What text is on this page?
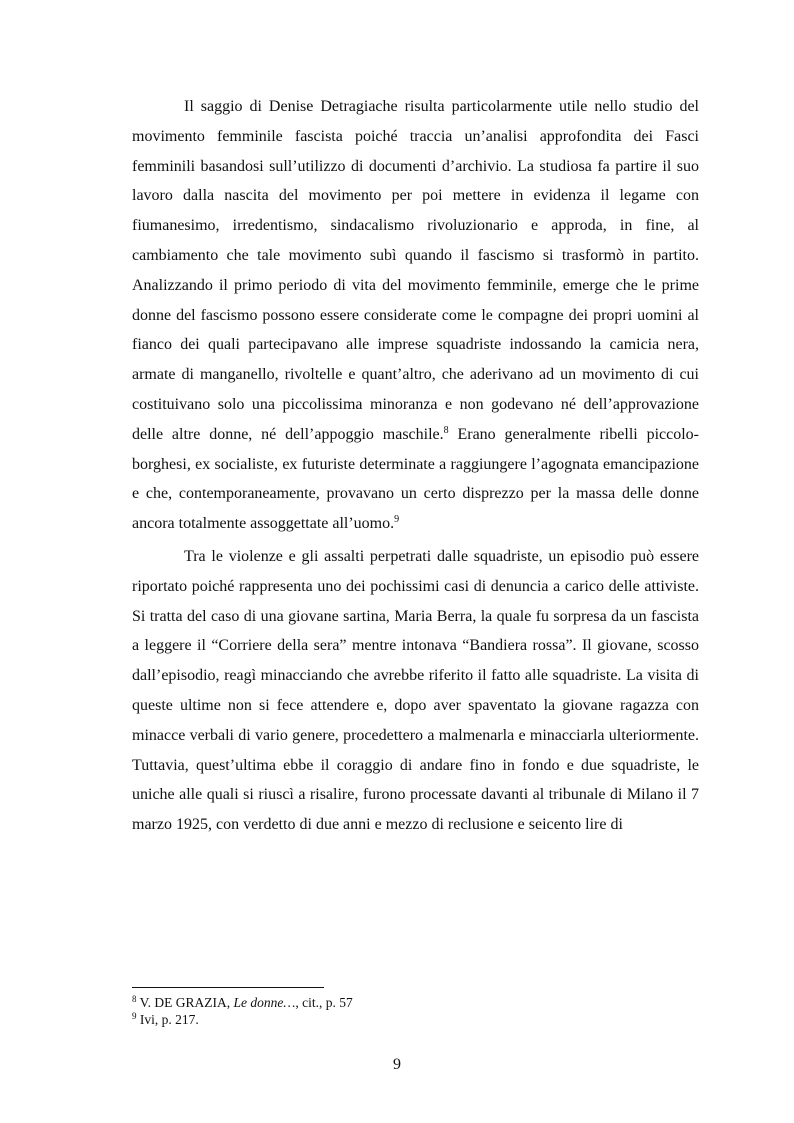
Il saggio di Denise Detragiache risulta particolarmente utile nello studio del movimento femminile fascista poiché traccia un’analisi approfondita dei Fasci femminili basandosi sull’utilizzo di documenti d’archivio. La studiosa fa partire il suo lavoro dalla nascita del movimento per poi mettere in evidenza il legame con fiumanesimo, irredentismo, sindacalismo rivoluzionario e approda, in fine, al cambiamento che tale movimento subì quando il fascismo si trasformò in partito. Analizzando il primo periodo di vita del movimento femminile, emerge che le prime donne del fascismo possono essere considerate come le compagne dei propri uomini al fianco dei quali partecipavano alle imprese squadriste indossando la camicia nera, armate di manganello, rivoltelle e quant’altro, che aderivano ad un movimento di cui costituivano solo una piccolissima minoranza e non godevano né dell’approvazione delle altre donne, né dell’appoggio maschile.$^8$ Erano generalmente ribelli piccolo-borghesi, ex socialiste, ex futuriste determinate a raggiungere l’agognata emancipazione e che, contemporaneamente, provavano un certo disprezzo per la massa delle donne ancora totalmente assoggettate all’uomo.$^9$

Tra le violenze e gli assalti perpetrati dalle squadriste, un episodio può essere riportato poiché rappresenta uno dei pochissimi casi di denuncia a carico delle attiviste. Si tratta del caso di una giovane sartina, Maria Berra, la quale fu sorpresa da un fascista a leggere il “Corriere della sera” mentre intonava “Bandiera rossa”. Il giovane, scosso dall’episodio, reagì minacciando che avrebbe riferito il fatto alle squadriste. La visita di queste ultime non si fece attendere e, dopo aver spaventato la giovane ragazza con minacce verbali di vario genere, procedettero a malmenarla e minacciarla ulteriormente. Tuttavia, quest’ultima ebbe il coraggio di andare fino in fondo e due squadriste, le uniche alle quali si riuscì a risalire, furono processate davanti al tribunale di Milano il 7 marzo 1925, con verdetto di due anni e mezzo di reclusione e seicento lire di

$^8$ V. DE GRAZIA, Le donne…, cit., p. 57
$^9$ Ivi, p. 217.
9
